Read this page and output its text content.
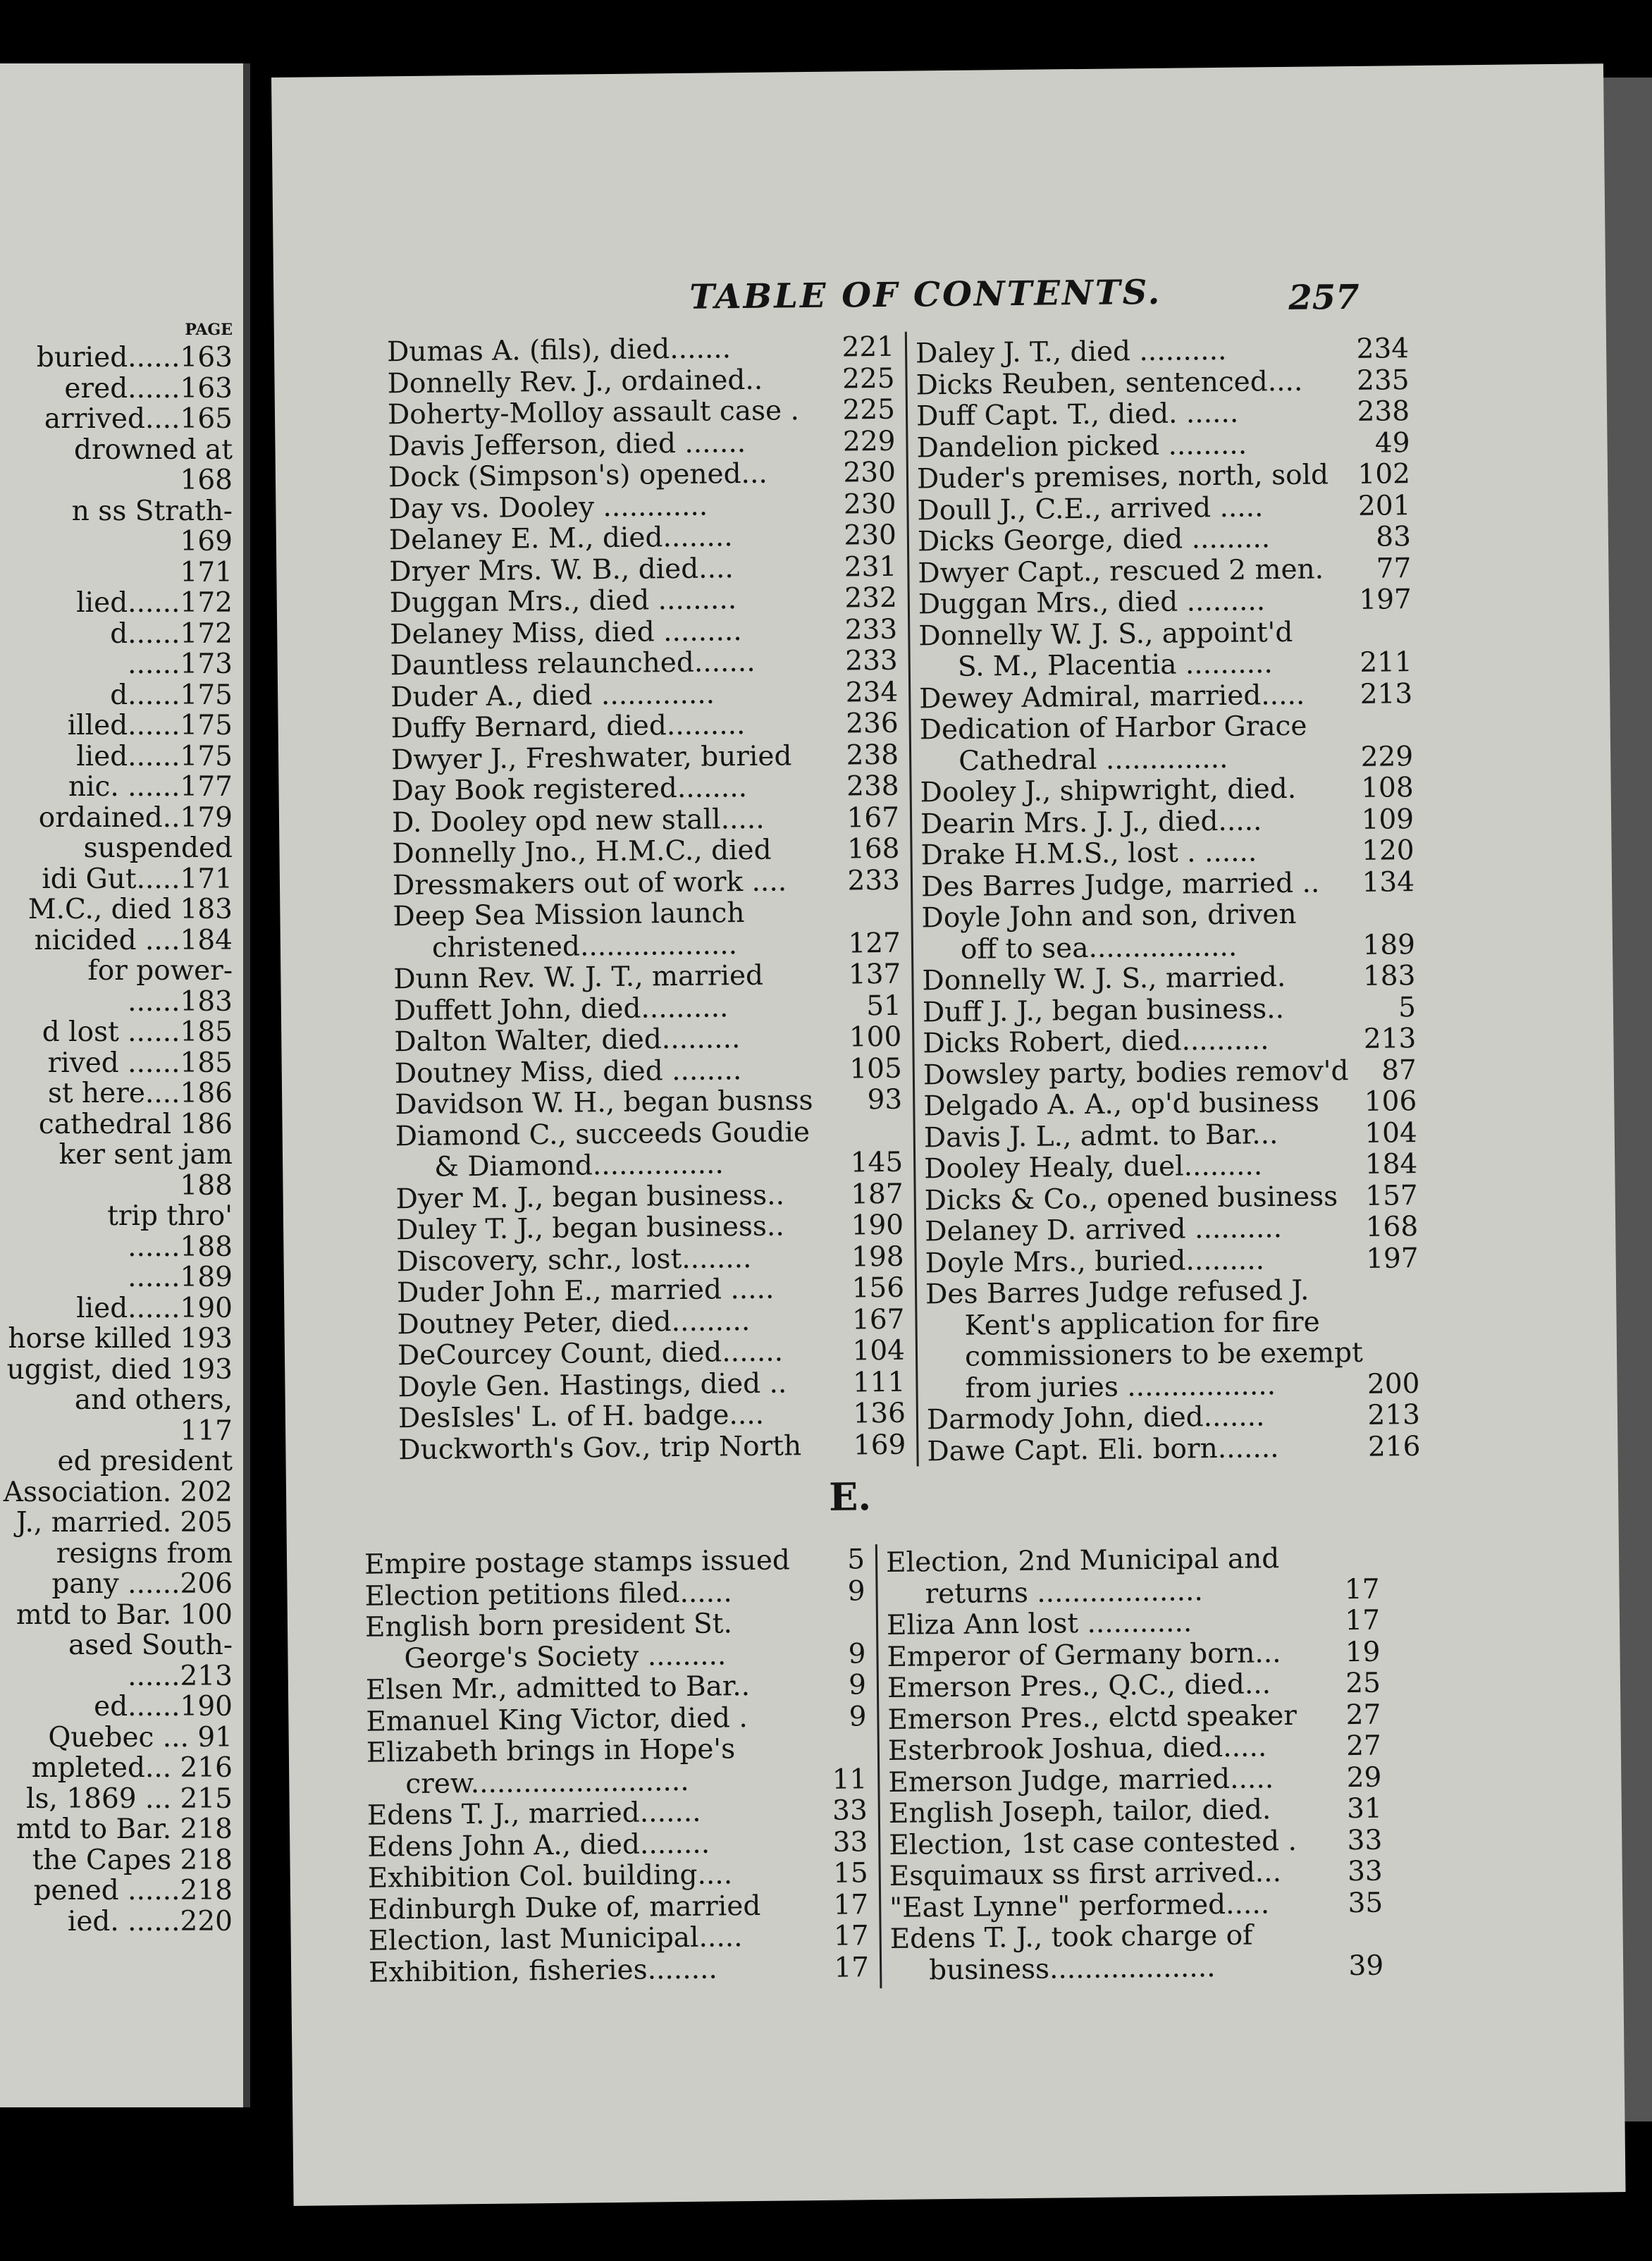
PAGE
buried......163
ered......163
arrived....165
drowned at
168
n ss Strath-
169
171
lied......172
d......172
......173
d......175
illed......175
lied......175
nic. ......177
ordained..179
suspended
idi Gut.....171
M.C., died 183
nicided ....184
for power-
......183
d lost ......185
rived ......185
st here....186
cathedral 186
ker sent jam
188
trip thro'
......188
......189
lied......190
horse killed 193
uggist, died 193
and others,
117
ed president
Association. 202
J., married. 205
resigns from
pany ......206
mtd to Bar. 100
ased South-
......213
ed......190
Quebec ... 91
mpleted... 216
ls, 1869 ... 215
mtd to Bar. 218
the Capes 218
pened ......218
ied. ......220
TABLE OF CONTENTS.	257
Dumas A. (fils), died.......	221
Donnelly Rev. J., ordained..	225
Doherty-Molloy assault case . 225
Davis Jefferson, died .......	229
Dock (Simpson's) opened...	230
Day vs. Dooley ............	230
Delaney E. M., died........	230
Dryer Mrs. W. B., died....	231
Duggan Mrs., died .........	232
Delaney Miss, died .........	233
Dauntless relaunched.......	233
Duder A., died .............	234
Duffy Bernard, died.........	236
Dwyer J., Freshwater, buried 238
Day Book registered........	238
D. Dooley opd new stall.....	167
Donnelly Jno., H.M.C., died	168
Dressmakers out of work .... 233
Deep Sea Mission launch
christened..................	127
Dunn Rev. W. J. T., married	137
Duffett John, died..........	51
Dalton Walter, died.........	100
Doutney Miss, died ........	105
Davidson W. H., began busnss 93
Diamond C., succeeds Goudie
& Diamond...............	145
Dyer M. J., began business.. 187
Duley T. J., began business.. 190
Discovery, schr., lost........	198
Duder John E., married .....	156
Doutney Peter, died.........	167
DeCourcey Count, died.......	104
Doyle Gen. Hastings, died .. 111
DesIsles' L. of H. badge....	136
Duckworth's Gov., trip North 169
Daley J. T., died ..........	234
Dicks Reuben, sentenced.... 235
Duff Capt. T., died. ......	238
Dandelion picked .........	49
Duder's premises, north, sold 102
Doull J., C.E., arrived .....	201
Dicks George, died .........	83
Dwyer Capt., rescued 2 men. 77
Duggan Mrs., died .........	197
Donnelly W. J. S., appoint'd
S. M., Placentia ..........	211
Dewey Admiral, married..... 213
Dedication of Harbor Grace
Cathedral ..............	229
Dooley J., shipwright, died. 108
Dearin Mrs. J. J., died.....	109
Drake H.M.S., lost . ......	120
Des Barres Judge, married .. 134
Doyle John and son, driven
off to sea.................	189
Donnelly W. J. S., married.	183
Duff J. J., began business..	5
Dicks Robert, died..........	213
Dowsley party, bodies remov'd 87
Delgado A. A., op'd business 106
Davis J. L., admt. to Bar...	104
Dooley Healy, duel.........	184
Dicks & Co., opened business 157
Delaney D. arrived ..........	168
Doyle Mrs., buried.........	197
Des Barres Judge refused J.
Kent's application for fire
commissioners to be exempt
from juries .................	200
Darmody John, died.......	213
Dawe Capt. Eli. born.......	216
E.
Empire postage stamps issued 5
Election petitions filed......	9
English born president St.
George's Society .........	9
Elsen Mr., admitted to Bar..	9
Emanuel King Victor, died .	9
Elizabeth brings in Hope's
crew.........................	11
Edens T. J., married.......	33
Edens John A., died........	33
Exhibition Col. building....	15
Edinburgh Duke of, married	17
Election, last Municipal.....	17
Exhibition, fisheries........	17
Election, 2nd Municipal and
returns ...................	17
Eliza Ann lost ............	17
Emperor of Germany born... 19
Emerson Pres., Q.C., died...	25
Emerson Pres., elctd speaker 27
Esterbrook Joshua, died.....	27
Emerson Judge, married.....	29
English Joseph, tailor, died.	31
Election, 1st case contested . 33
Esquimaux ss first arrived... 33
"East Lynne" performed.....	35
Edens T. J., took charge of
business...................	39
